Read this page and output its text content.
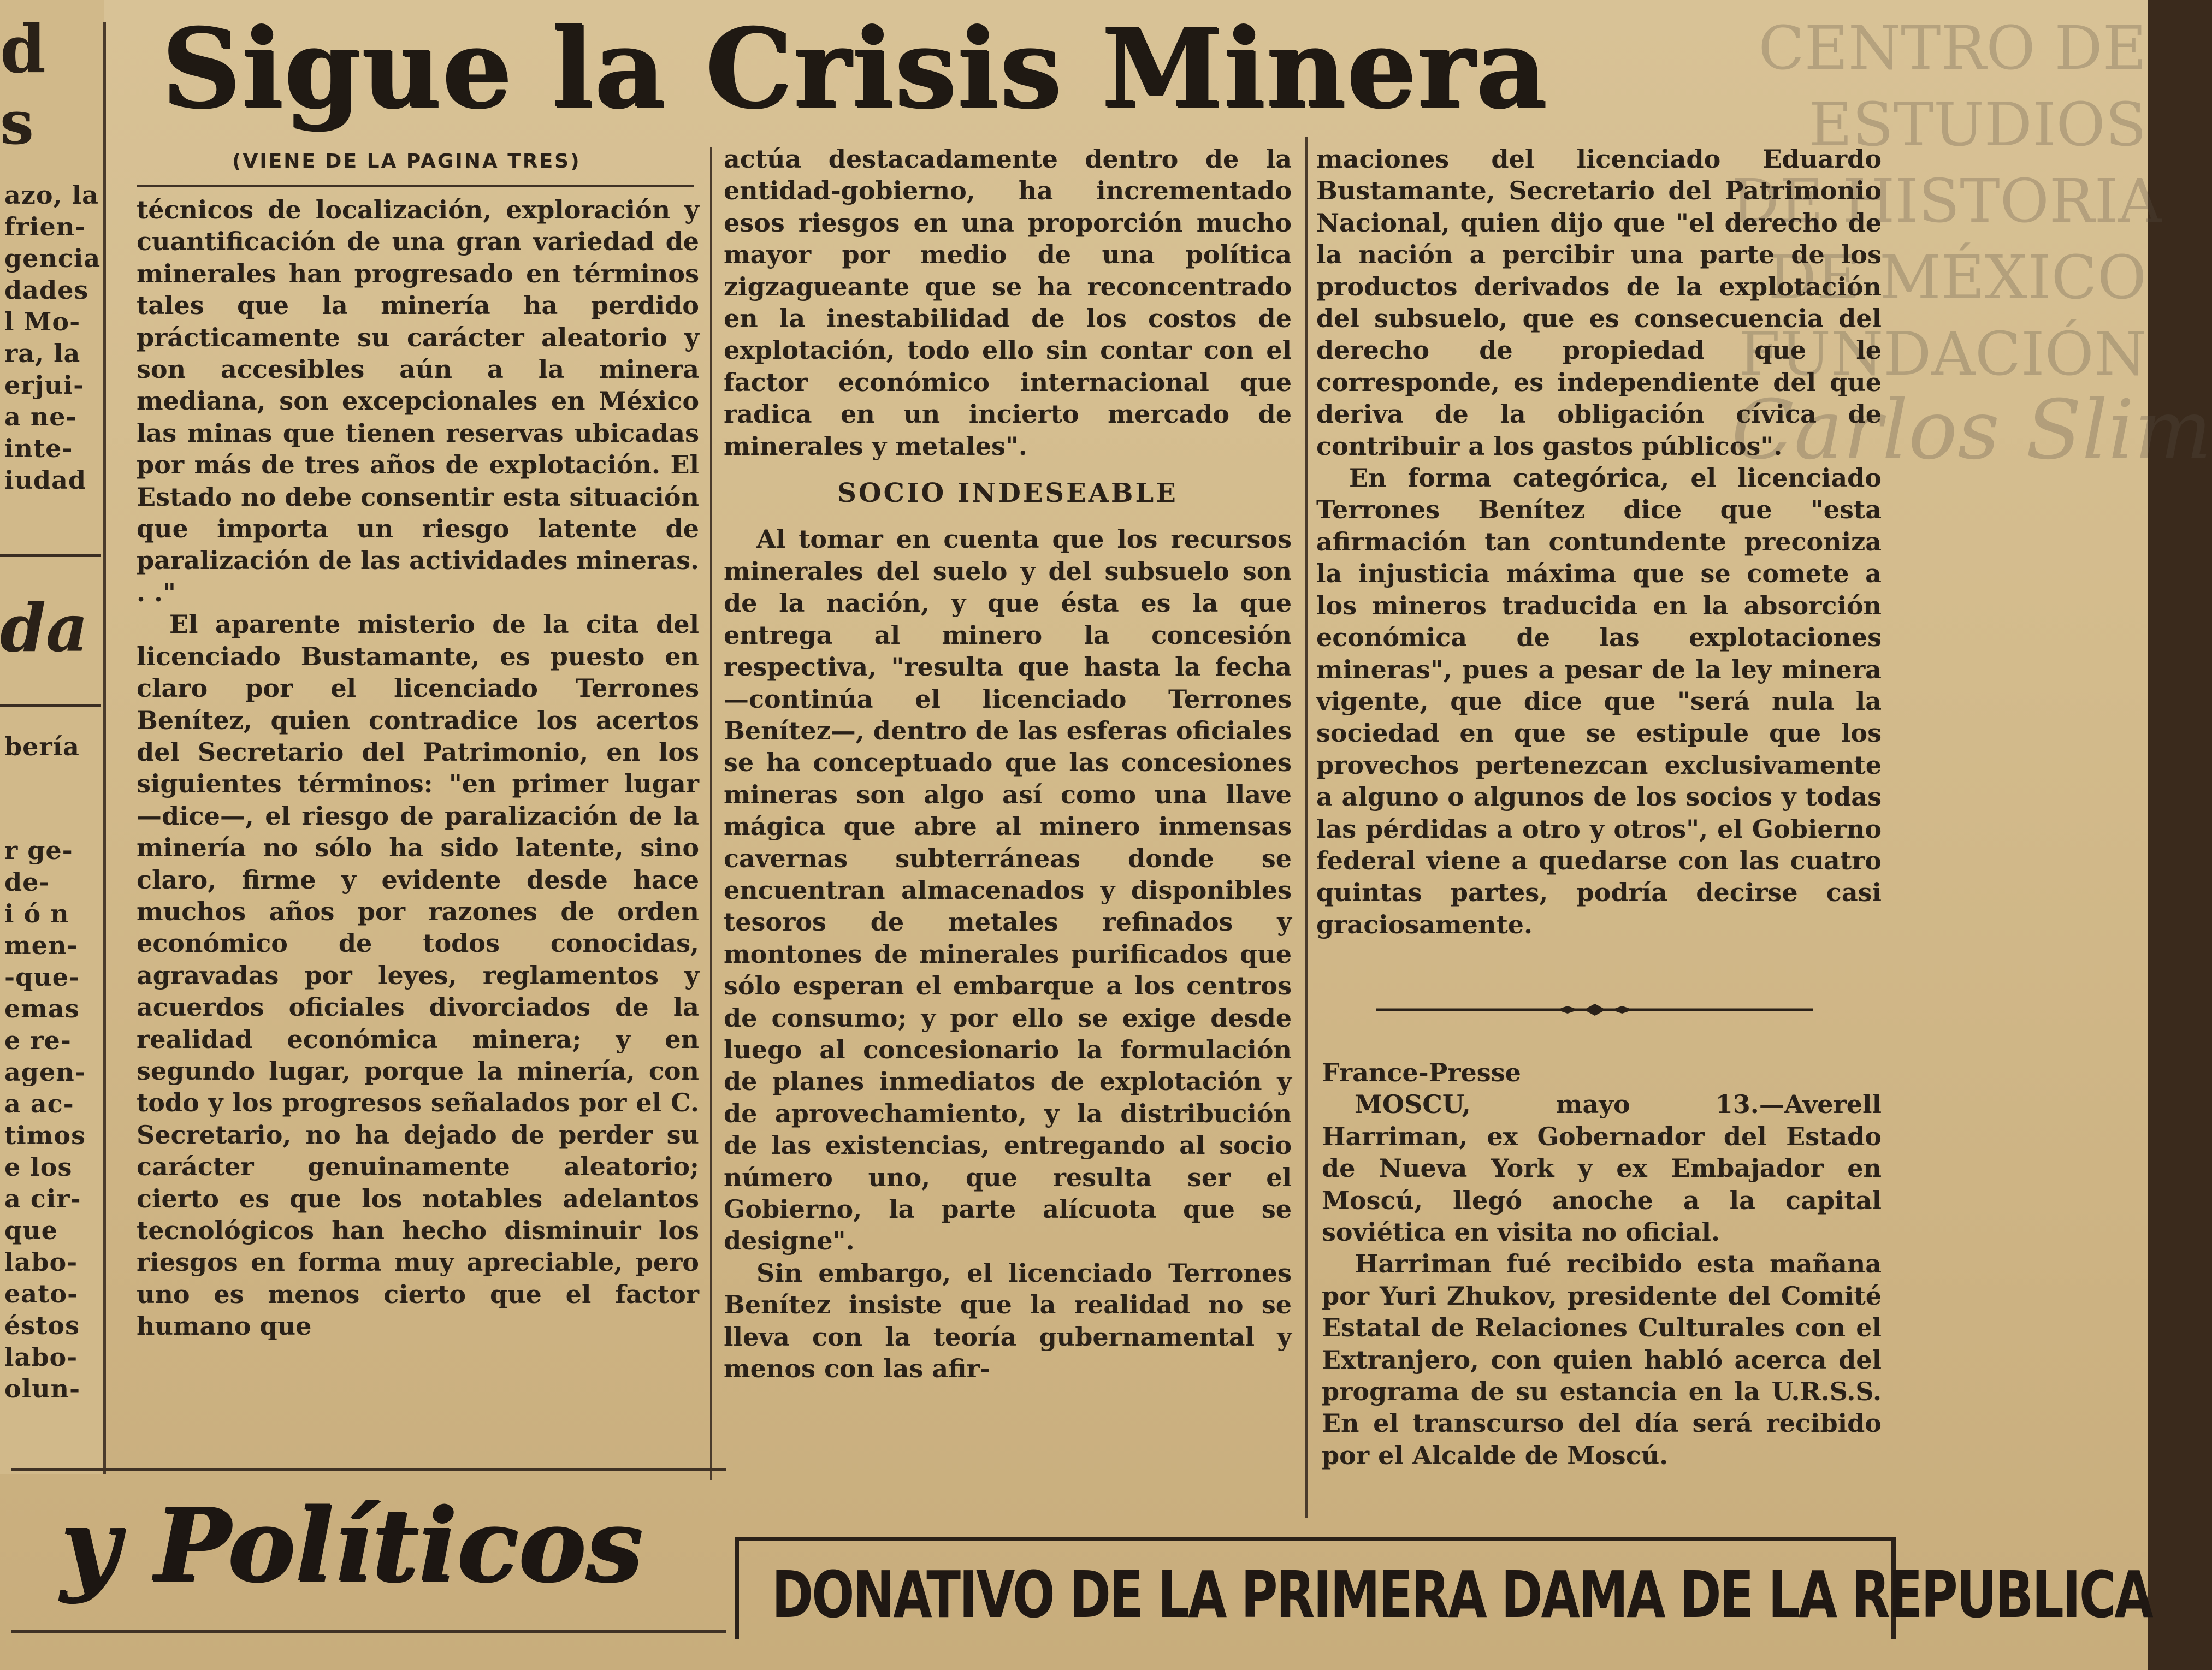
d
s
azo, la
frien-
gencia
dades
l Mo-
ra, la
erjui-
a ne-
inte-
iudad
da
bería
r ge-
de-
i ó n
men-
-que-
emas
e re-
agen-
a ac-
timos
e los
a cir-
que
labo-
eato-
éstos
labo-
olun-
Sigue la Crisis Minera	CENTRO DE
ESTUDIOS
DE HISTORIA
DE MÉXICO
FUNDACIÓN
Carlos Slim
(VIENE DE LA PAGINA TRES)

técnicos de localización, exploración y cuantificación de una gran variedad de minerales han progresado en términos tales que la minería ha perdido prácticamente su carácter aleatorio y son accesibles aún a la minera mediana, son excepcionales en México las minas que tienen reservas ubicadas por más de tres años de explotación. El Estado no debe consentir esta situación que importa un riesgo latente de paralización de las actividades mineras. . ."

El aparente misterio de la cita del licenciado Bustamante, es puesto en claro por el licenciado Terrones Benítez, quien contradice los acertos del Secretario del Patrimonio, en los siguientes términos: "en primer lugar —dice—, el riesgo de paralización de la minería no sólo ha sido latente, sino claro, firme y evidente desde hace muchos años por razones de orden económico de todos conocidas, agravadas por leyes, reglamentos y acuerdos oficiales divorciados de la realidad económica minera; y en segundo lugar, porque la minería, con todo y los progresos señalados por el C. Secretario, no ha dejado de perder su carácter genuinamente aleatorio; cierto es que los notables adelantos tecnológicos han hecho disminuir los riesgos en forma muy apreciable, pero uno es menos cierto que el factor humano que

actúa destacadamente dentro de la entidad-gobierno, ha incrementado esos riesgos en una proporción mucho mayor por medio de una política zigzagueante que se ha reconcentrado en la inestabilidad de los costos de explotación, todo ello sin contar con el factor económico internacional que radica en un incierto mercado de minerales y metales".

SOCIO INDESEABLE

Al tomar en cuenta que los recursos minerales del suelo y del subsuelo son de la nación, y que ésta es la que entrega al minero la concesión respectiva, "resulta que hasta la fecha —continúa el licenciado Terrones Benítez—, dentro de las esferas oficiales se ha conceptuado que las concesiones mineras son algo así como una llave mágica que abre al minero inmensas cavernas subterráneas donde se encuentran almacenados y disponibles tesoros de metales refinados y montones de minerales purificados que sólo esperan el embarque a los centros de consumo; y por ello se exige desde luego al concesionario la formulación de planes inmediatos de explotación y de aprovechamiento, y la distribución de las existencias, entregando al socio número uno, que resulta ser el Gobierno, la parte alícuota que se designe".

Sin embargo, el licenciado Terrones Benítez insiste que la realidad no se lleva con la teoría gubernamental y menos con las afir-

maciones del licenciado Eduardo Bustamante, Secretario del Patrimonio Nacional, quien dijo que "el derecho de la nación a percibir una parte de los productos derivados de la explotación del subsuelo, que es consecuencia del derecho de propiedad que le corresponde, es independiente del que deriva de la obligación cívica de contribuir a los gastos públicos".

En forma categórica, el licenciado Terrones Benítez dice que "esta afirmación tan contundente preconiza la injusticia máxima que se comete a los mineros traducida en la absorción económica de las explotaciones mineras", pues a pesar de la ley minera vigente, que dice que "será nula la sociedad en que se estipule que los provechos pertenezcan exclusivamente a alguno o algunos de los socios y todas las pérdidas a otro y otros", el Gobierno federal viene a quedarse con las cuatro quintas partes, podría decirse casi graciosamente.

France-Presse

MOSCU, mayo 13.—Averell Harriman, ex Gobernador del Estado de Nueva York y ex Embajador en Moscú, llegó anoche a la capital soviética en visita no oficial.

Harriman fué recibido esta mañana por Yuri Zhukov, presidente del Comité Estatal de Relaciones Culturales con el Extranjero, con quien habló acerca del programa de su estancia en la U.R.S.S. En el transcurso del día será recibido por el Alcalde de Moscú.

y Políticos DONATIVO DE LA PRIMERA DAMA DE LA REPUBLICA
